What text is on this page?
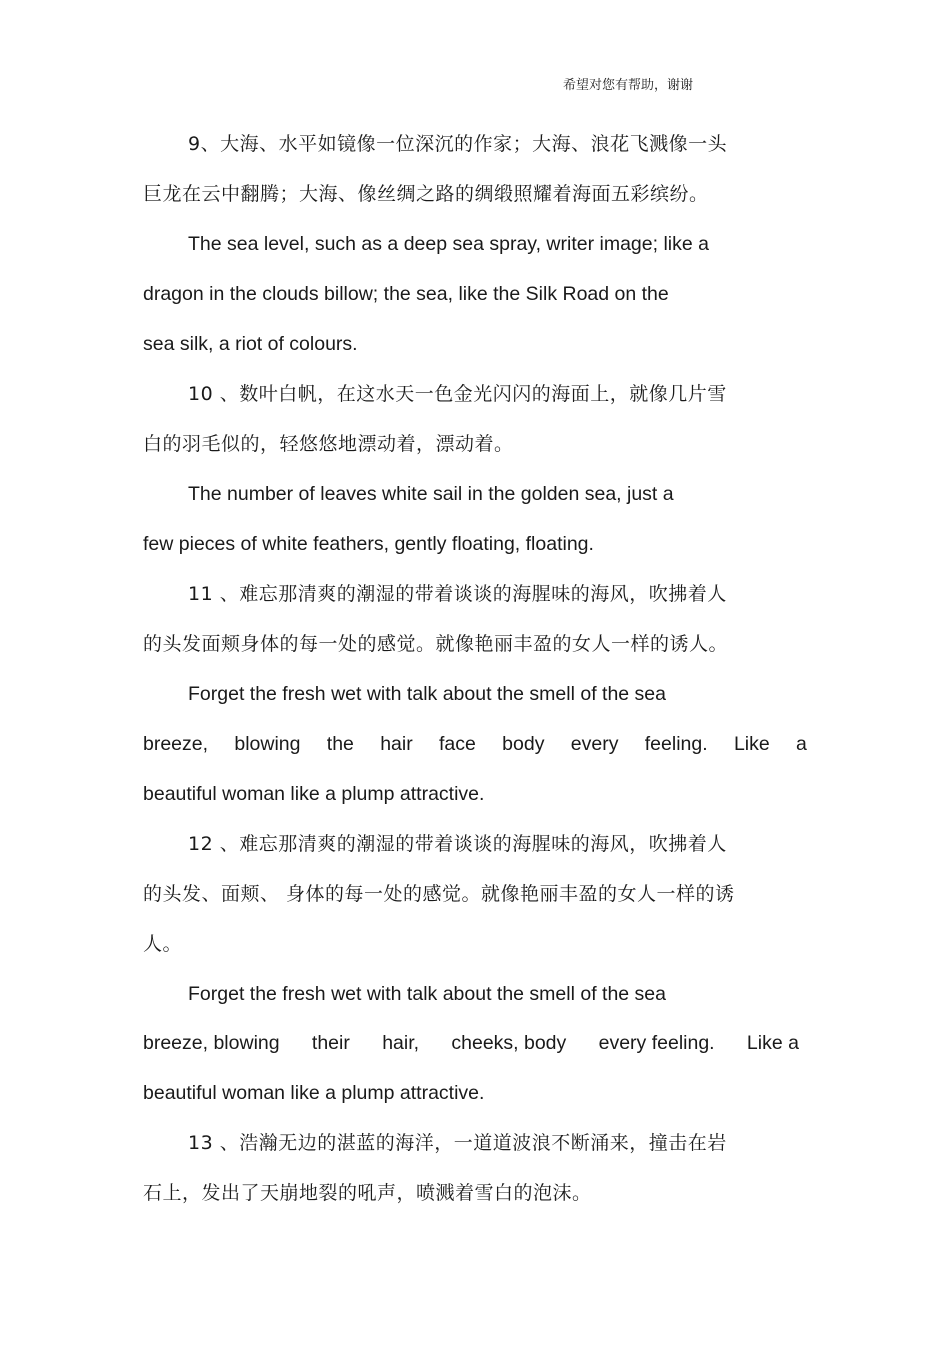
希望对您有帮助，谢谢
9、大海、水平如镜像一位深沉的作家；大海、浪花飞溅像一头
巨龙在云中翻腾；大海、像丝绸之路的绸缎照耀着海面五彩缤纷。
The sea level, such as a deep sea spray, writer image; like a
dragon in the clouds billow; the sea, like the Silk Road on the
sea silk, a riot of colours.
10 、数叶白帆，在这水天一色金光闪闪的海面上，就像几片雪
白的羽毛似的，轻悠悠地漂动着，漂动着。
The number of leaves white sail in the golden sea, just a
few pieces of white feathers, gently floating, floating.
11 、难忘那清爽的潮湿的带着谈谈的海腥味的海风，吹拂着人
的头发面颊身体的每一处的感觉。就像艳丽丰盈的女人一样的诱人。
Forget the fresh wet with talk about the smell of the sea
breeze, blowing the hair face body every feeling. Like a
beautiful woman like a plump attractive.
12 、难忘那清爽的潮湿的带着谈谈的海腥味的海风，吹拂着人
的头发、面颊、 身体的每一处的感觉。就像艳丽丰盈的女人一样的诱
人。
Forget the fresh wet with talk about the smell of the sea
breeze, blowing their hair, cheeks, body every feeling. Like a
beautiful woman like a plump attractive.
13 、浩瀚无边的湛蓝的海洋，一道道波浪不断涌来，撞击在岩
石上，发出了天崩地裂的吼声，喷溅着雪白的泡沫。
